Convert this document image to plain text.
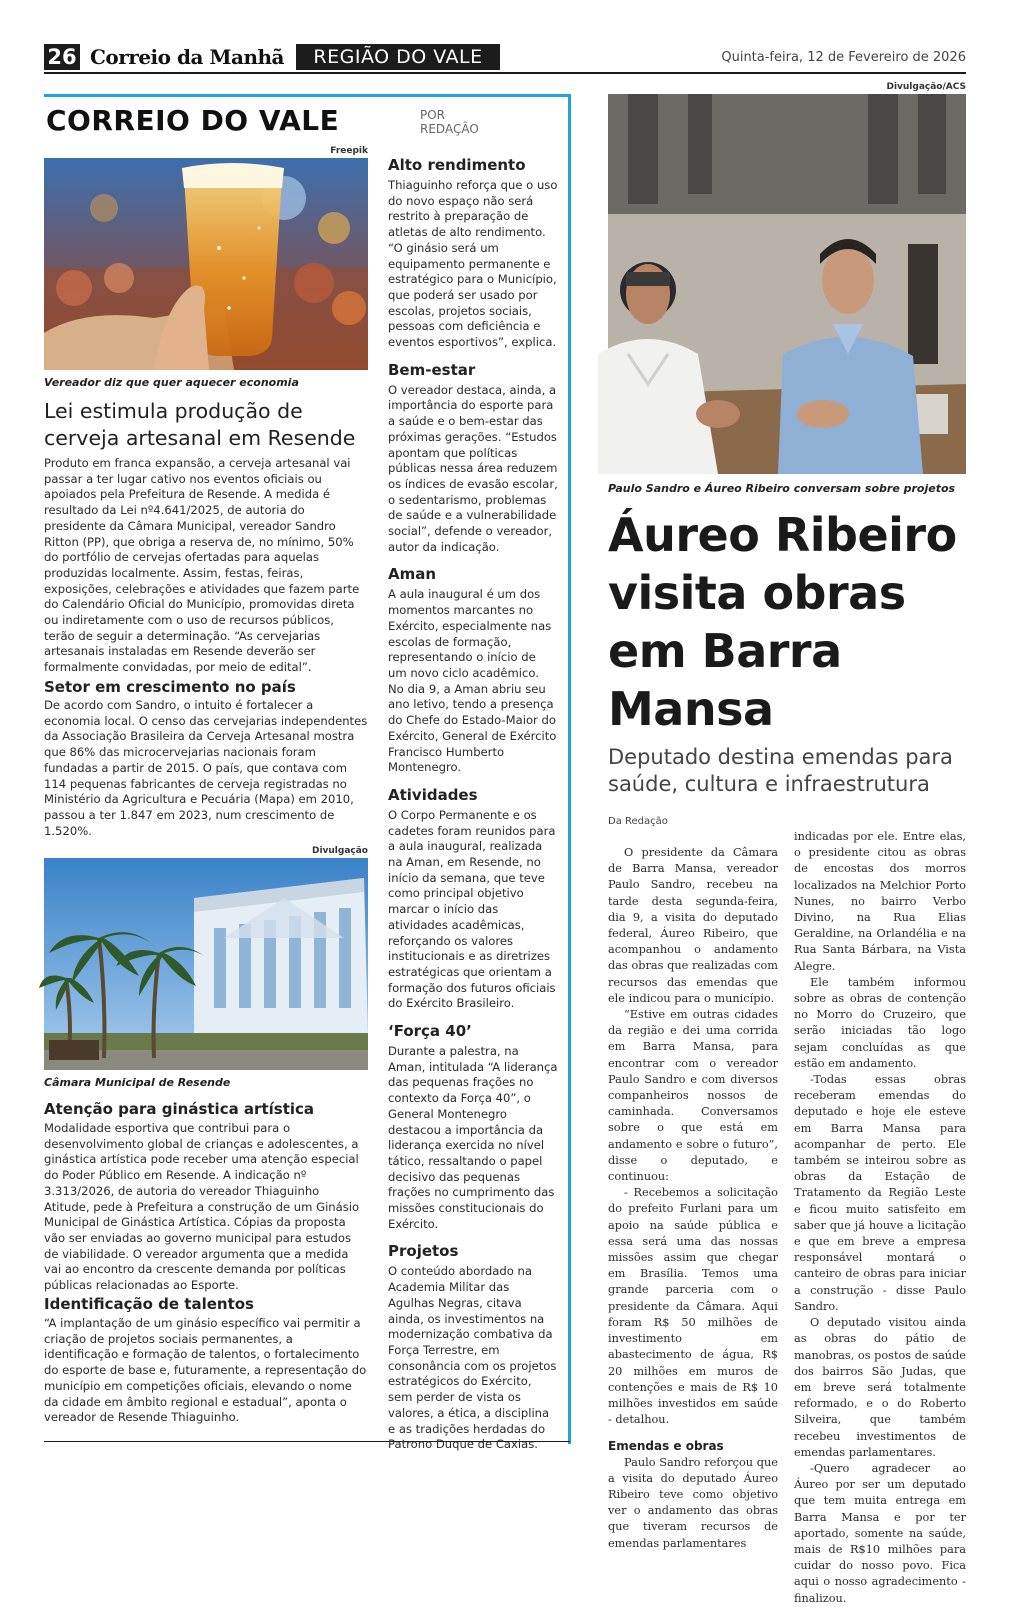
26 Correio da Manhã	REGIÃO DO VALE	Quinta-feira, 12 de Fevereiro de 2026
CORREIO DO VALE	POR
REDAÇÃO
Freepik
Vereador diz que quer aquecer economia
Lei estimula produção de
cerveja artesanal em Resende

Produto em franca expansão, a cerveja artesanal vai passar a ter lugar cativo nos eventos oficiais ou apoiados pela Prefeitura de Resende. A medida é resultado da Lei nº4.641/2025, de autoria do presidente da Câmara Municipal, vereador Sandro Ritton (PP), que obriga a reserva de, no mínimo, 50% do portfólio de cervejas ofertadas para aquelas produzidas localmente. Assim, festas, feiras, exposições, celebrações e atividades que fazem parte do Calendário Oficial do Município, promovidas direta ou indiretamente com o uso de recursos públicos, terão de seguir a determinação. “As cervejarias artesanais instaladas em Resende deverão ser formalmente convidadas, por meio de edital”.

Setor em crescimento no país

De acordo com Sandro, o intuito é fortalecer a economia local. O censo das cervejarias independentes da Associação Brasileira da Cerveja Artesanal mostra que 86% das microcervejarias nacionais foram fundadas a partir de 2015. O país, que contava com 114 pequenas fabricantes de cerveja registradas no Ministério da Agricultura e Pecuária (Mapa) em 2010, passou a ter 1.847 em 2023, num crescimento de 1.520%.

Divulgação
Câmara Municipal de Resende
Atenção para ginástica artística

Modalidade esportiva que contribui para o desenvolvimento global de crianças e adolescentes, a ginástica artística pode receber uma atenção especial do Poder Público em Resende. A indicação nº 3.313/2026, de autoria do vereador Thiaguinho Atitude, pede à Prefeitura a construção de um Ginásio Municipal de Ginástica Artística. Cópias da proposta vão ser enviadas ao governo municipal para estudos de viabilidade. O vereador argumenta que a medida vai ao encontro da crescente demanda por políticas públicas relacionadas ao Esporte.

Identificação de talentos

“A implantação de um ginásio específico vai permitir a criação de projetos sociais permanentes, a identificação e formação de talentos, o fortalecimento do esporte de base e, futuramente, a representação do município em competições oficiais, elevando o nome da cidade em âmbito regional e estadual”, aponta o vereador de Resende Thiaguinho.

Alto rendimento
Thiaguinho reforça que o uso do novo espaço não será restrito à preparação de atletas de alto rendimento. “O ginásio será um equipamento permanente e estratégico para o Município, que poderá ser usado por escolas, projetos sociais, pessoas com deficiência e eventos esportivos”, explica.
Bem-estar
O vereador destaca, ainda, a importância do esporte para a saúde e o bem-estar das próximas gerações. “Estudos apontam que políticas públicas nessa área reduzem os índices de evasão escolar, o sedentarismo, problemas de saúde e a vulnerabilidade social”, defende o vereador, autor da indicação.
Aman
A aula inaugural é um dos momentos marcantes no Exército, especialmente nas escolas de formação, representando o início de um novo ciclo acadêmico. No dia 9, a Aman abriu seu ano letivo, tendo a presença do Chefe do Estado-Maior do Exército, General de Exército Francisco Humberto Montenegro.
Atividades
O Corpo Permanente e os cadetes foram reunidos para a aula inaugural, realizada na Aman, em Resende, no início da semana, que teve como principal objetivo marcar o início das atividades acadêmicas, reforçando os valores institucionais e as diretrizes estratégicas que orientam a formação dos futuros oficiais do Exército Brasileiro.
‘Força 40’
Durante a palestra, na Aman, intitulada “A liderança das pequenas frações no contexto da Força 40”, o General Montenegro destacou a importância da liderança exercida no nível tático, ressaltando o papel decisivo das pequenas frações no cumprimento das missões constitucionais do Exército.
Projetos
O conteúdo abordado na Academia Militar das Agulhas Negras, citava ainda, os investimentos na modernização combativa da Força Terrestre, em consonância com os projetos estratégicos do Exército, sem perder de vista os valores, a ética, a disciplina e as tradições herdadas do Patrono Duque de Caxias.
Divulgação/ACS
Paulo Sandro e Áureo Ribeiro conversam sobre projetos
Áureo Ribeiro
visita obras
em Barra
Mansa
Deputado destina emendas para saúde, cultura e infraestrutura
Da Redação

O presidente da Câmara de Barra Mansa, vereador Paulo Sandro, recebeu na tarde desta segunda-feira, dia 9, a visita do deputado federal, Áureo Ribeiro, que acompanhou o andamento das obras que realizadas com recursos das emendas que ele indicou para o município.

“Estive em outras cidades da região e dei uma corrida em Barra Mansa, para encontrar com o vereador Paulo Sandro e com diversos companheiros nossos de caminhada. Conversamos sobre o que está em andamento e sobre o futuro”, disse o deputado, e continuou:

- Recebemos a solicitação do prefeito Furlani para um apoio na saúde pública e essa será uma das nossas missões assim que chegar em Brasília. Temos uma grande parceria com o presidente da Câmara. Aqui foram R$ 50 milhões de investimento em abastecimento de água, R$ 20 milhões em muros de contenções e mais de R$ 10 milhões investidos em saúde - detalhou.

Emendas e obras

Paulo Sandro reforçou que a visita do deputado Áureo Ribeiro teve como objetivo ver o andamento das obras que tiveram recursos de emendas parlamentares

indicadas por ele. Entre elas, o presidente citou as obras de encostas dos morros localizados na Melchior Porto Nunes, no bairro Verbo Divino, na Rua Elias Geraldine, na Orlandélia e na Rua Santa Bárbara, na Vista Alegre.

Ele também informou sobre as obras de contenção no Morro do Cruzeiro, que serão iniciadas tão logo sejam concluídas as que estão em andamento.

-Todas essas obras receberam emendas do deputado e hoje ele esteve em Barra Mansa para acompanhar de perto. Ele também se inteirou sobre as obras da Estação de Tratamento da Região Leste e ficou muito satisfeito em saber que já houve a licitação e que em breve a empresa responsável montará o canteiro de obras para iniciar a construção - disse Paulo Sandro.

O deputado visitou ainda as obras do pátio de manobras, os postos de saúde dos bairros São Judas, que em breve será totalmente reformado, e o do Roberto Silveira, que também recebeu investimentos de emendas parlamentares.

-Quero agradecer ao Áureo por ser um deputado que tem muita entrega em Barra Mansa e por ter aportado, somente na saúde, mais de R$10 milhões para cuidar do nosso povo. Fica aqui o nosso agradecimento - finalizou.
